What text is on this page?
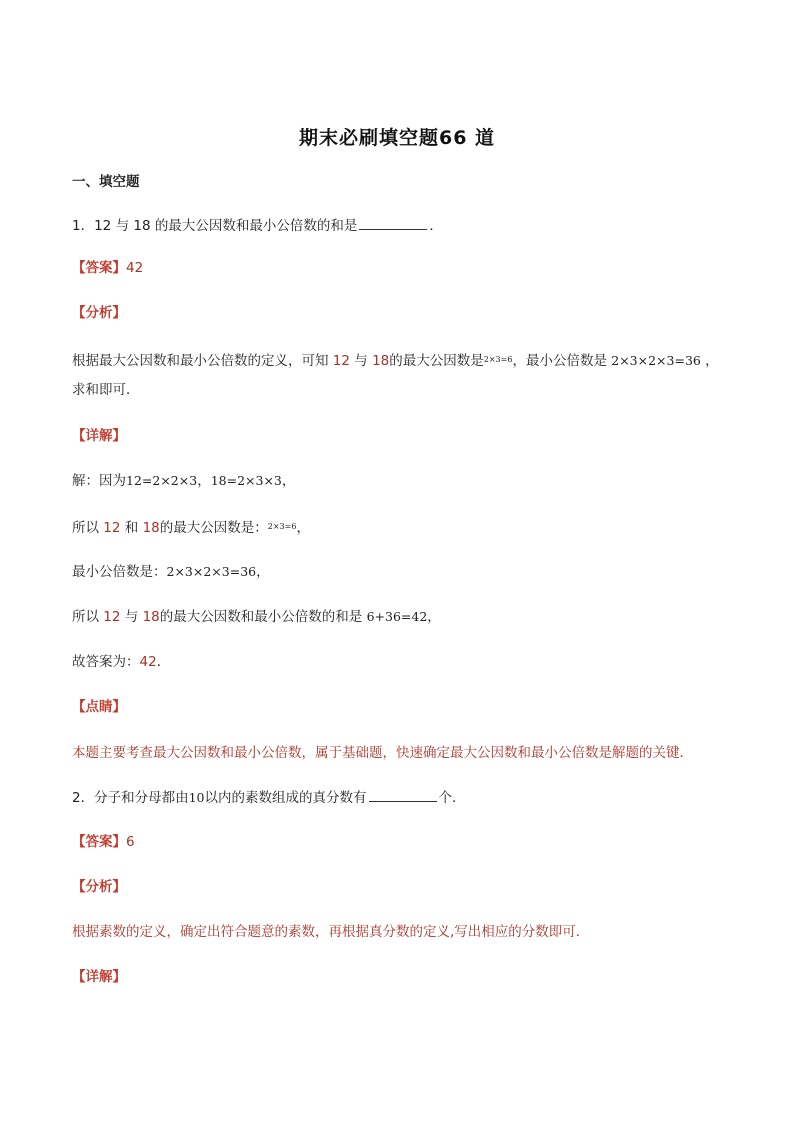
期末必刷填空题66 道
一、填空题
1．12 与 18 的最大公因数和最小公倍数的和是	．
【答案】42
【分析】
根据最大公因数和最小公倍数的定义，可知 12 与 18的最大公因数是$^{2\times 3=6}$，最小公倍数是 2×3×2×3=36 ，
求和即可．
【详解】
解：因为12=2×2×3，18=2×3×3，
所以 12 和 18的最大公因数是：$^{2\times 3=6}$，
最小公倍数是：2×3×2×3=36，
所以 12 与 18的最大公因数和最小公倍数的和是 6+36=42，
故答案为：42．
【点睛】
本题主要考查最大公因数和最小公倍数，属于基础题，快速确定最大公因数和最小公倍数是解题的关键．
2．分子和分母都由10以内的素数组成的真分数有	个．
【答案】6
【分析】
根据素数的定义，确定出符合题意的素数，再根据真分数的定义,写出相应的分数即可．
【详解】
